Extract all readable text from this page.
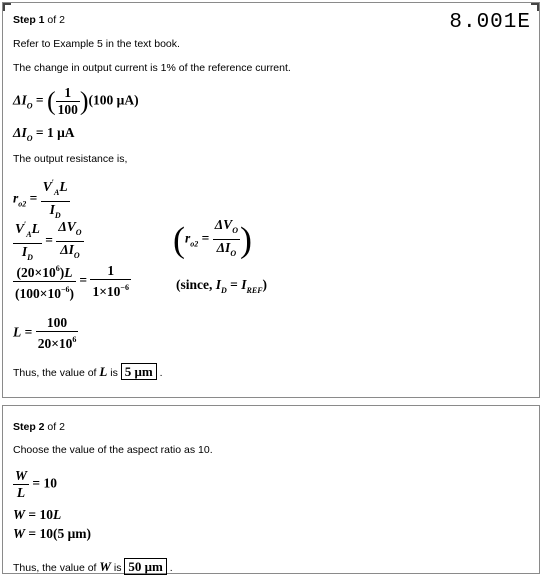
Step 1 of 2	8.001E
Refer to Example 5 in the text book.
The change in output current is 1% of the reference current.
$\Delta I_O$ = ( $\frac{1}{100} )(100$ μA)
$\Delta I_O = 1$ μA
The output resistance is,
$r_{o2} = \frac{V'_AL}{I_D}$
$\frac{V'_AL}{I_D} = \frac{\Delta V_O}{\Delta I_O} (r_{o2} = \frac{\Delta V_O}{\Delta I_O}$ )
$\frac{(20\times 10^6)L}{(100\times 10^{-6})} = \frac{1}{1\times 10^{-6}}$	(since, $I_D = I_{REF}$)
$L = \frac{100}{20\times 10^6}$
Thus, the value of L is 5 μm .
Step 2 of 2
Choose the value of the aspect ratio as 10.
$\frac{W}{L} = 10$
W = 10L
W = 10(5 μm)
Thus, the value of W is 50 μm .
